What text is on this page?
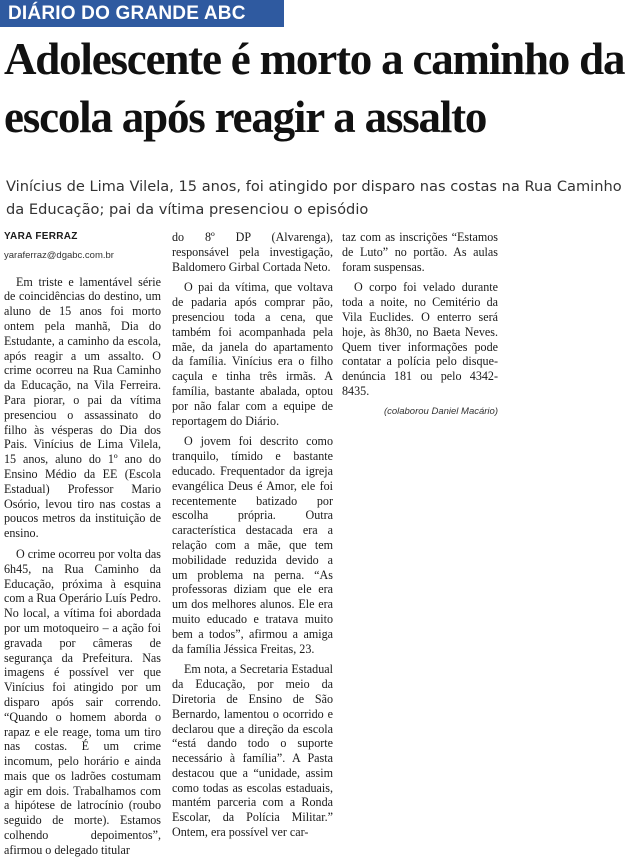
DIÁRIO DO GRANDE ABC
Adolescente é morto a caminho da escola após reagir a assalto

Vinícius de Lima Vilela, 15 anos, foi atingido por disparo nas costas na Rua Caminho da Educação; pai da vítima presenciou o episódio

YARA FERRAZ

yaraferraz@dgabc.com.br

Em triste e lamentável série de coincidências do destino, um aluno de 15 anos foi morto ontem pela manhã, Dia do Estudante, a caminho da escola, após reagir a um assalto. O crime ocorreu na Rua Caminho da Educação, na Vila Ferreira. Para piorar, o pai da vítima presenciou o assassinato do filho às vésperas do Dia dos Pais. Vinícius de Lima Vilela, 15 anos, aluno do 1º ano do Ensino Médio da EE (Escola Estadual) Professor Mario Osório, levou tiro nas costas a poucos metros da instituição de ensino.

O crime ocorreu por volta das 6h45, na Rua Caminho da Educação, próxima à esquina com a Rua Operário Luís Pedro. No local, a vítima foi abordada por um motoqueiro – a ação foi gravada por câmeras de segurança da Prefeitura. Nas imagens é possível ver que Vinícius foi atingido por um disparo após sair correndo. “Quando o homem aborda o rapaz e ele reage, toma um tiro nas costas. É um crime incomum, pelo horário e ainda mais que os ladrões costumam agir em dois. Trabalhamos com a hipótese de latrocínio (roubo seguido de morte). Estamos colhendo depoimentos”, afirmou o delegado titular

do 8º DP (Alvarenga), responsável pela investigação, Baldomero Girbal Cortada Neto.

O pai da vítima, que voltava de padaria após comprar pão, presenciou toda a cena, que também foi acompanhada pela mãe, da janela do apartamento da família. Vinícius era o filho caçula e tinha três irmãs. A família, bastante abalada, optou por não falar com a equipe de reportagem do Diário.

O jovem foi descrito como tranquilo, tímido e bastante educado. Frequentador da igreja evangélica Deus é Amor, ele foi recentemente batizado por escolha própria. Outra característica destacada era a relação com a mãe, que tem mobilidade reduzida devido a um problema na perna. “As professoras diziam que ele era um dos melhores alunos. Ele era muito educado e tratava muito bem a todos”, afirmou a amiga da família Jéssica Freitas, 23.

Em nota, a Secretaria Estadual da Educação, por meio da Diretoria de Ensino de São Bernardo, lamentou o ocorrido e declarou que a direção da escola “está dando todo o suporte necessário à família”. A Pasta destacou que a “unidade, assim como todas as escolas estaduais, mantém parceria com a Ronda Escolar, da Polícia Militar.” Ontem, era possível ver car-

taz com as inscrições “Estamos de Luto” no portão. As aulas foram suspensas.

O corpo foi velado durante toda a noite, no Cemitério da Vila Euclides. O enterro será hoje, às 8h30, no Baeta Neves. Quem tiver informações pode contatar a polícia pelo disque-denúncia 181 ou pelo 4342-8435.

(colaborou Daniel Macário)
